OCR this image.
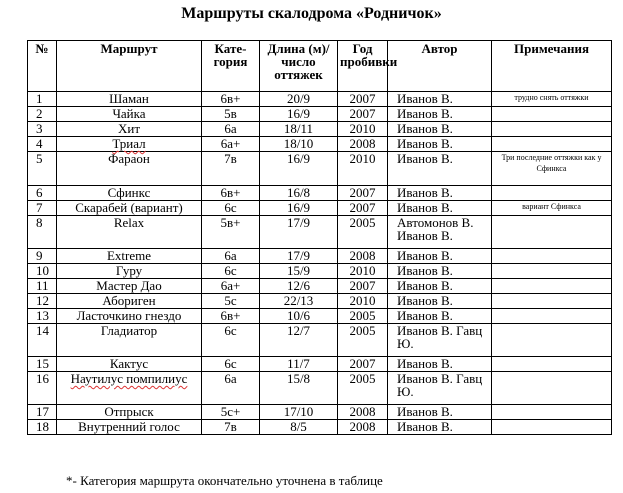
Маршруты скалодрома «Родничок»
№	Маршрут	Кате-гория	Длина (м)/ число оттяжек	Год пробивки	Автор	Примечания
1	Шаман	6в+	20/9	2007	Иванов В.	трудно снять оттяжки
2	Чайка	5в	16/9	2007	Иванов В.	
3	Хит	6а	18/11	2010	Иванов В.	
4	Триал	6а+	18/10	2008	Иванов В.	
5	Фараон	7в	16/9	2010	Иванов В.	Три последние оттяжки как у Сфинкса
6	Сфинкс	6в+	16/8	2007	Иванов В.	
7	Скарабей (вариант)	6с	16/9	2007	Иванов В.	вариант Сфинкса
8	Relax	5в+	17/9	2005	Автомонов В. Иванов В.	
9	Extreme	6а	17/9	2008	Иванов В.	
10	Гуру	6с	15/9	2010	Иванов В.	
11	Мастер Дао	6а+	12/6	2007	Иванов В.	
12	Абориген	5с	22/13	2010	Иванов В.	
13	Ласточкино гнездо	6в+	10/6	2005	Иванов В.	
14	Гладиатор	6с	12/7	2005	Иванов В. Гавц Ю.	
15	Кактус	6с	11/7	2007	Иванов В.	
16	Наутилус помпилиус	6а	15/8	2005	Иванов В. Гавц Ю.	
17	Отпрыск	5с+	17/10	2008	Иванов В.	
18	Внутренний голос	7в	8/5	2008	Иванов В.	
*- Категория маршрута окончательно уточнена в таблице
